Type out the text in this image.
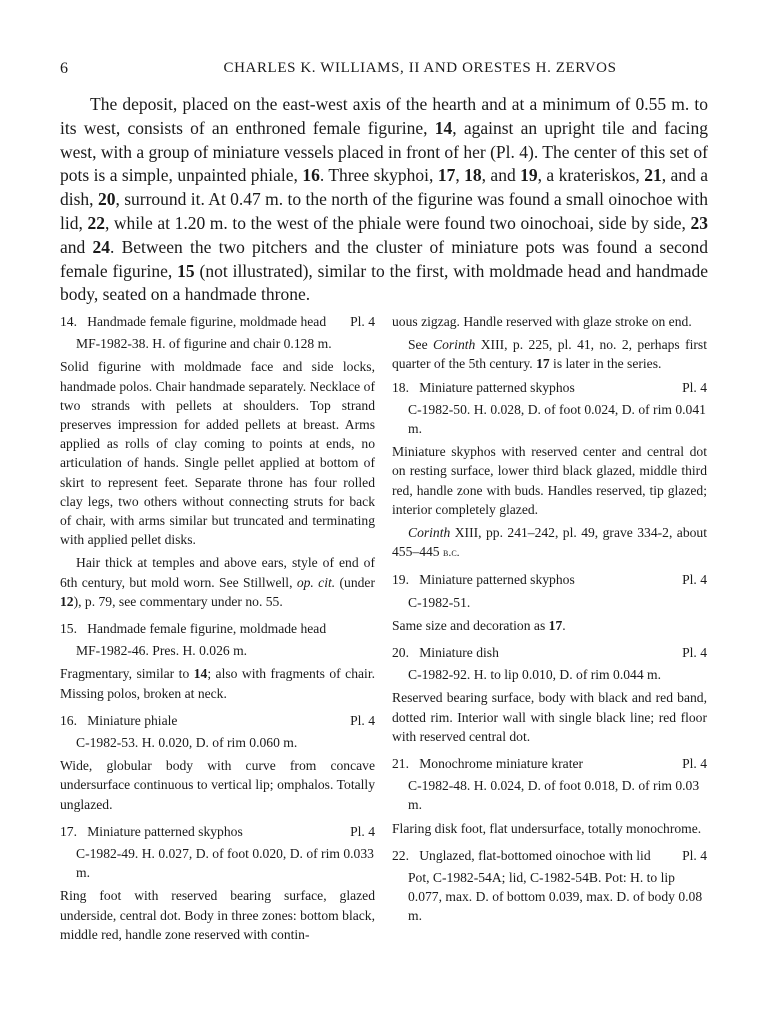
6	CHARLES K. WILLIAMS, II AND ORESTES H. ZERVOS

The deposit, placed on the east-west axis of the hearth and at a minimum of 0.55 m. to its west, consists of an enthroned female figurine, 14, against an upright tile and facing west, with a group of miniature vessels placed in front of her (Pl. 4). The center of this set of pots is a simple, unpainted phiale, 16. Three skyphoi, 17, 18, and 19, a krateriskos, 21, and a dish, 20, surround it. At 0.47 m. to the north of the figurine was found a small oinochoe with lid, 22, while at 1.20 m. to the west of the phiale were found two oinochoai, side by side, 23 and 24. Between the two pitchers and the cluster of miniature pots was found a second female figurine, 15 (not illustrated), similar to the first, with moldmade head and handmade body, seated on a handmade throne.

14. Handmade female figurine, moldmade head	Pl. 4
MF-1982-38. H. of figurine and chair 0.128 m.

Solid figurine with moldmade face and side locks, handmade polos. Chair handmade separately. Necklace of two strands with pellets at shoulders. Top strand preserves impression for added pellets at breast. Arms applied as rolls of clay coming to points at ends, no articulation of hands. Single pellet applied at bottom of skirt to represent feet. Separate throne has four rolled clay legs, two others without connecting struts for back of chair, with arms similar but truncated and terminating with applied pellet disks.

Hair thick at temples and above ears, style of end of 6th century, but mold worn. See Stillwell, op. cit. (under 12), p. 79, see commentary under no. 55.

15. Handmade female figurine, moldmade head
MF-1982-46. Pres. H. 0.026 m.

Fragmentary, similar to 14; also with fragments of chair. Missing polos, broken at neck.

16. Miniature phiale	Pl. 4
C-1982-53. H. 0.020, D. of rim 0.060 m.

Wide, globular body with curve from concave undersurface continuous to vertical lip; omphalos. Totally unglazed.

17. Miniature patterned skyphos	Pl. 4
C-1982-49. H. 0.027, D. of foot 0.020, D. of rim 0.033 m.

Ring foot with reserved bearing surface, glazed underside, central dot. Body in three zones: bottom black, middle red, handle zone reserved with contin-

uous zigzag. Handle reserved with glaze stroke on end.

See Corinth XIII, p. 225, pl. 41, no. 2, perhaps first quarter of the 5th century. 17 is later in the series.

18. Miniature patterned skyphos	Pl. 4
C-1982-50. H. 0.028, D. of foot 0.024, D. of rim 0.041 m.

Miniature skyphos with reserved center and central dot on resting surface, lower third black glazed, middle third red, handle zone with buds. Handles reserved, tip glazed; interior completely glazed.

Corinth XIII, pp. 241–242, pl. 49, grave 334-2, about 455–445 b.c.

19. Miniature patterned skyphos	Pl. 4
C-1982-51.

Same size and decoration as 17.

20. Miniature dish	Pl. 4
C-1982-92. H. to lip 0.010, D. of rim 0.044 m.

Reserved bearing surface, body with black and red band, dotted rim. Interior wall with single black line; red floor with reserved central dot.

21. Monochrome miniature krater	Pl. 4
C-1982-48. H. 0.024, D. of foot 0.018, D. of rim 0.03 m.

Flaring disk foot, flat undersurface, totally monochrome.

22. Unglazed, flat-bottomed oinochoe with lid	Pl. 4
Pot, C-1982-54A; lid, C-1982-54B. Pot: H. to lip 0.077, max. D. of bottom 0.039, max. D. of body 0.08 m.
